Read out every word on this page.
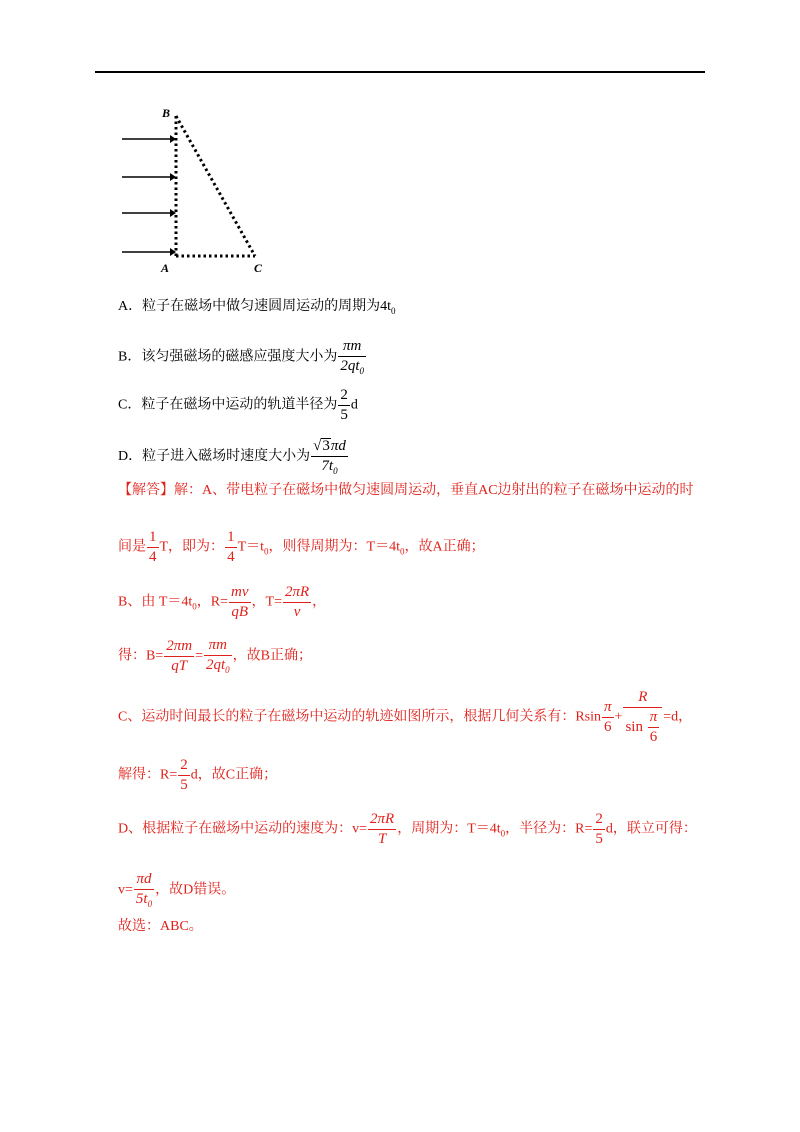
B
A	C
A．粒子在磁场中做匀速圆周运动的周期为$4t_0$
B．该匀强磁场的磁感应强度大小为 $\frac{\pi m}{2qt_0}$
C．粒子在磁场中运动的轨道半径为 $\frac{2}{5}$ d
D．粒子进入磁场时速度大小为 $\frac{√3\pi d}{7t_0}$
【解答】解：A、带电粒子在磁场中做匀速圆周运动，垂直AC边射出的粒子在磁场中运动的时
间是 $\frac{1}{4}$ T，即为： $\frac{1}{4} T=t_0$，则得周期为：$T=4t_0$，故A正确；
B、由 $T=4t_0$，$R= \frac{mv}{qB}$ ，$T= \frac{2\pi R}{v}$ ，
得：$B= \frac{2\pi m}{qT} = \frac{\pi m}{2qt_0}$ ，故B正确；
C、运动时间最长的粒子在磁场中运动的轨迹如图所示，根据几何关系有：Rsin $\frac{\pi}{6} + \frac{R}{\sin \frac{\pi}{6}} =d$，
解得：$R= \frac{2}{5}$ d，故C正确；
D、根据粒子在磁场中运动的速度为：$v= \frac{2\pi R}{T}$ ，周期为：$T=4t_0$，半径为：$R= \frac{2}{5}$ d，联立可得：
$v= \frac{\pi d}{5t_0}$ ，故D错误。
故选：ABC。
